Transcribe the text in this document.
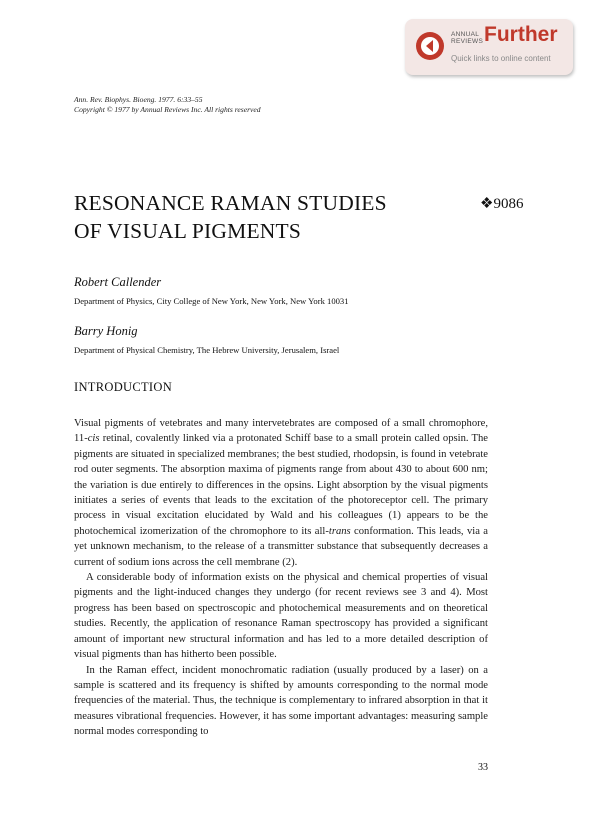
ANNUAL
REVIEWS Further
Quick links to online content
Ann. Rev. Biophys. Bioeng. 1977. 6:33–55
Copyright © 1977 by Annual Reviews Inc. All rights reserved
RESONANCE RAMAN STUDIES
OF VISUAL PIGMENTS
❖9086
Robert Callender
Department of Physics, City College of New York, New York, New York 10031
Barry Honig
Department of Physical Chemistry, The Hebrew University, Jerusalem, Israel
INTRODUCTION

Visual pigments of vetebrates and many intervetebrates are composed of a small chromophore, 11-cis retinal, covalently linked via a protonated Schiff base to a small protein called opsin. The pigments are situated in specialized membranes; the best studied, rhodopsin, is found in vetebrate rod outer segments. The absorption maxima of pigments range from about 430 to about 600 nm; the variation is due entirely to differences in the opsins. Light absorption by the visual pigments initiates a series of events that leads to the excitation of the photoreceptor cell. The primary process in visual excitation elucidated by Wald and his colleagues (1) appears to be the photochemical izomerization of the chromophore to its all-trans conformation. This leads, via a yet unknown mechanism, to the release of a transmitter substance that subsequently decreases a current of sodium ions across the cell membrane (2).

A considerable body of information exists on the physical and chemical properties of visual pigments and the light-induced changes they undergo (for recent reviews see 3 and 4). Most progress has been based on spectroscopic and photochemical measurements and on theoretical studies. Recently, the application of resonance Raman spectroscopy has provided a significant amount of important new structural information and has led to a more detailed description of visual pigments than has hitherto been possible.

In the Raman effect, incident monochromatic radiation (usually produced by a laser) on a sample is scattered and its frequency is shifted by amounts corresponding to the normal mode frequencies of the material. Thus, the technique is complementary to infrared absorption in that it measures vibrational frequencies. However, it has some important advantages: measuring sample normal modes corresponding to

33
